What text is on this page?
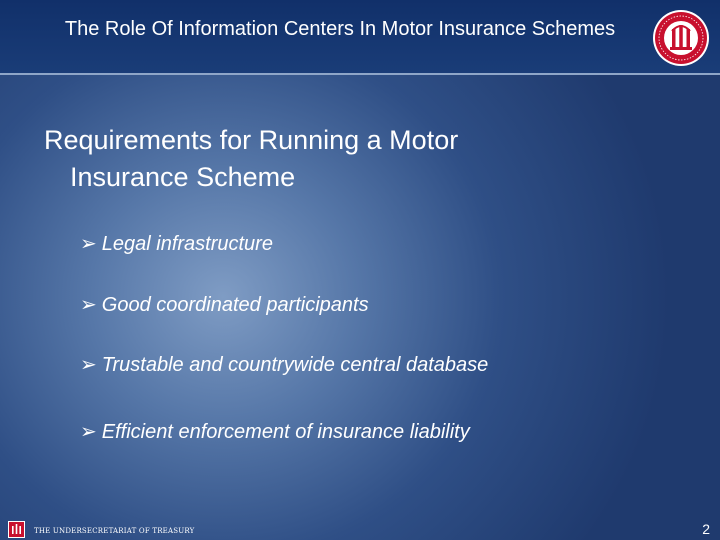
The Role Of Information Centers In Motor Insurance Schemes
Requirements for Running a Motor
Insurance Scheme
➢ Legal infrastructure
➢ Good coordinated participants
➢ Trustable and countrywide central database
➢ Efficient enforcement of insurance liability
THE UNDERSECRETARIAT OF TREASURY	2
